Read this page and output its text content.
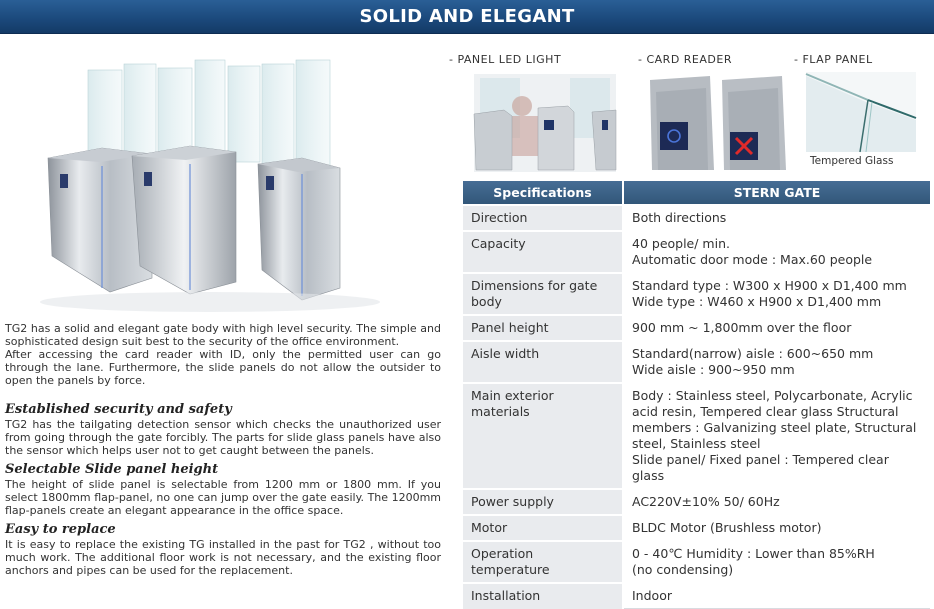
SOLID AND ELEGANT

TG2 has a solid and elegant gate body with high level security. The simple and sophisticated design suit best to the security of the office environment.

After accessing the card reader with ID, only the permitted user can go through the lane. Furthermore, the slide panels do not allow the outsider to open the panels by force.

Established security and safety

TG2 has the tailgating detection sensor which checks the unauthorized user from going through the gate forcibly. The parts for slide glass panels have also the sensor which helps user not to get caught between the panels.

Selectable Slide panel height

The height of slide panel is selectable from 1200 mm or 1800 mm. If you select 1800mm flap-panel, no one can jump over the gate easily. The 1200mm flap-panels create an elegant appearance in the office space.

Easy to replace

It is easy to replace the existing TG installed in the past for TG2 , without too much work. The additional floor work is not necessary, and the existing floor anchors and pipes can be used for the replacement.

- PANEL LED LIGHT	- CARD READER	- FLAP PANEL
Tempered Glass
Specifications	STERN GATE
Direction	Both directions

Capacity	40 people/ min.
Automatic door mode : Max.60 people

Dimensions for gate body	Standard type : W300 x H900 x D1,400 mm
Wide type : W460 x H900 x D1,400 mm

Panel height	900 mm ~ 1,800mm over the floor

Aisle width	Standard(narrow) aisle : 600~650 mm
Wide aisle : 900~950 mm

Main exterior materials	Body : Stainless steel, Polycarbonate, Acrylic acid resin, Tempered clear glass Structural members : Galvanizing steel plate, Structural steel, Stainless steel
Slide panel/ Fixed panel : Tempered clear glass

Power supply	AC220V±10% 50/ 60Hz

Motor	BLDC Motor (Brushless motor)

Operation temperature	0 - 40℃ Humidity : Lower than 85%RH
(no condensing)

Installation	Indoor
